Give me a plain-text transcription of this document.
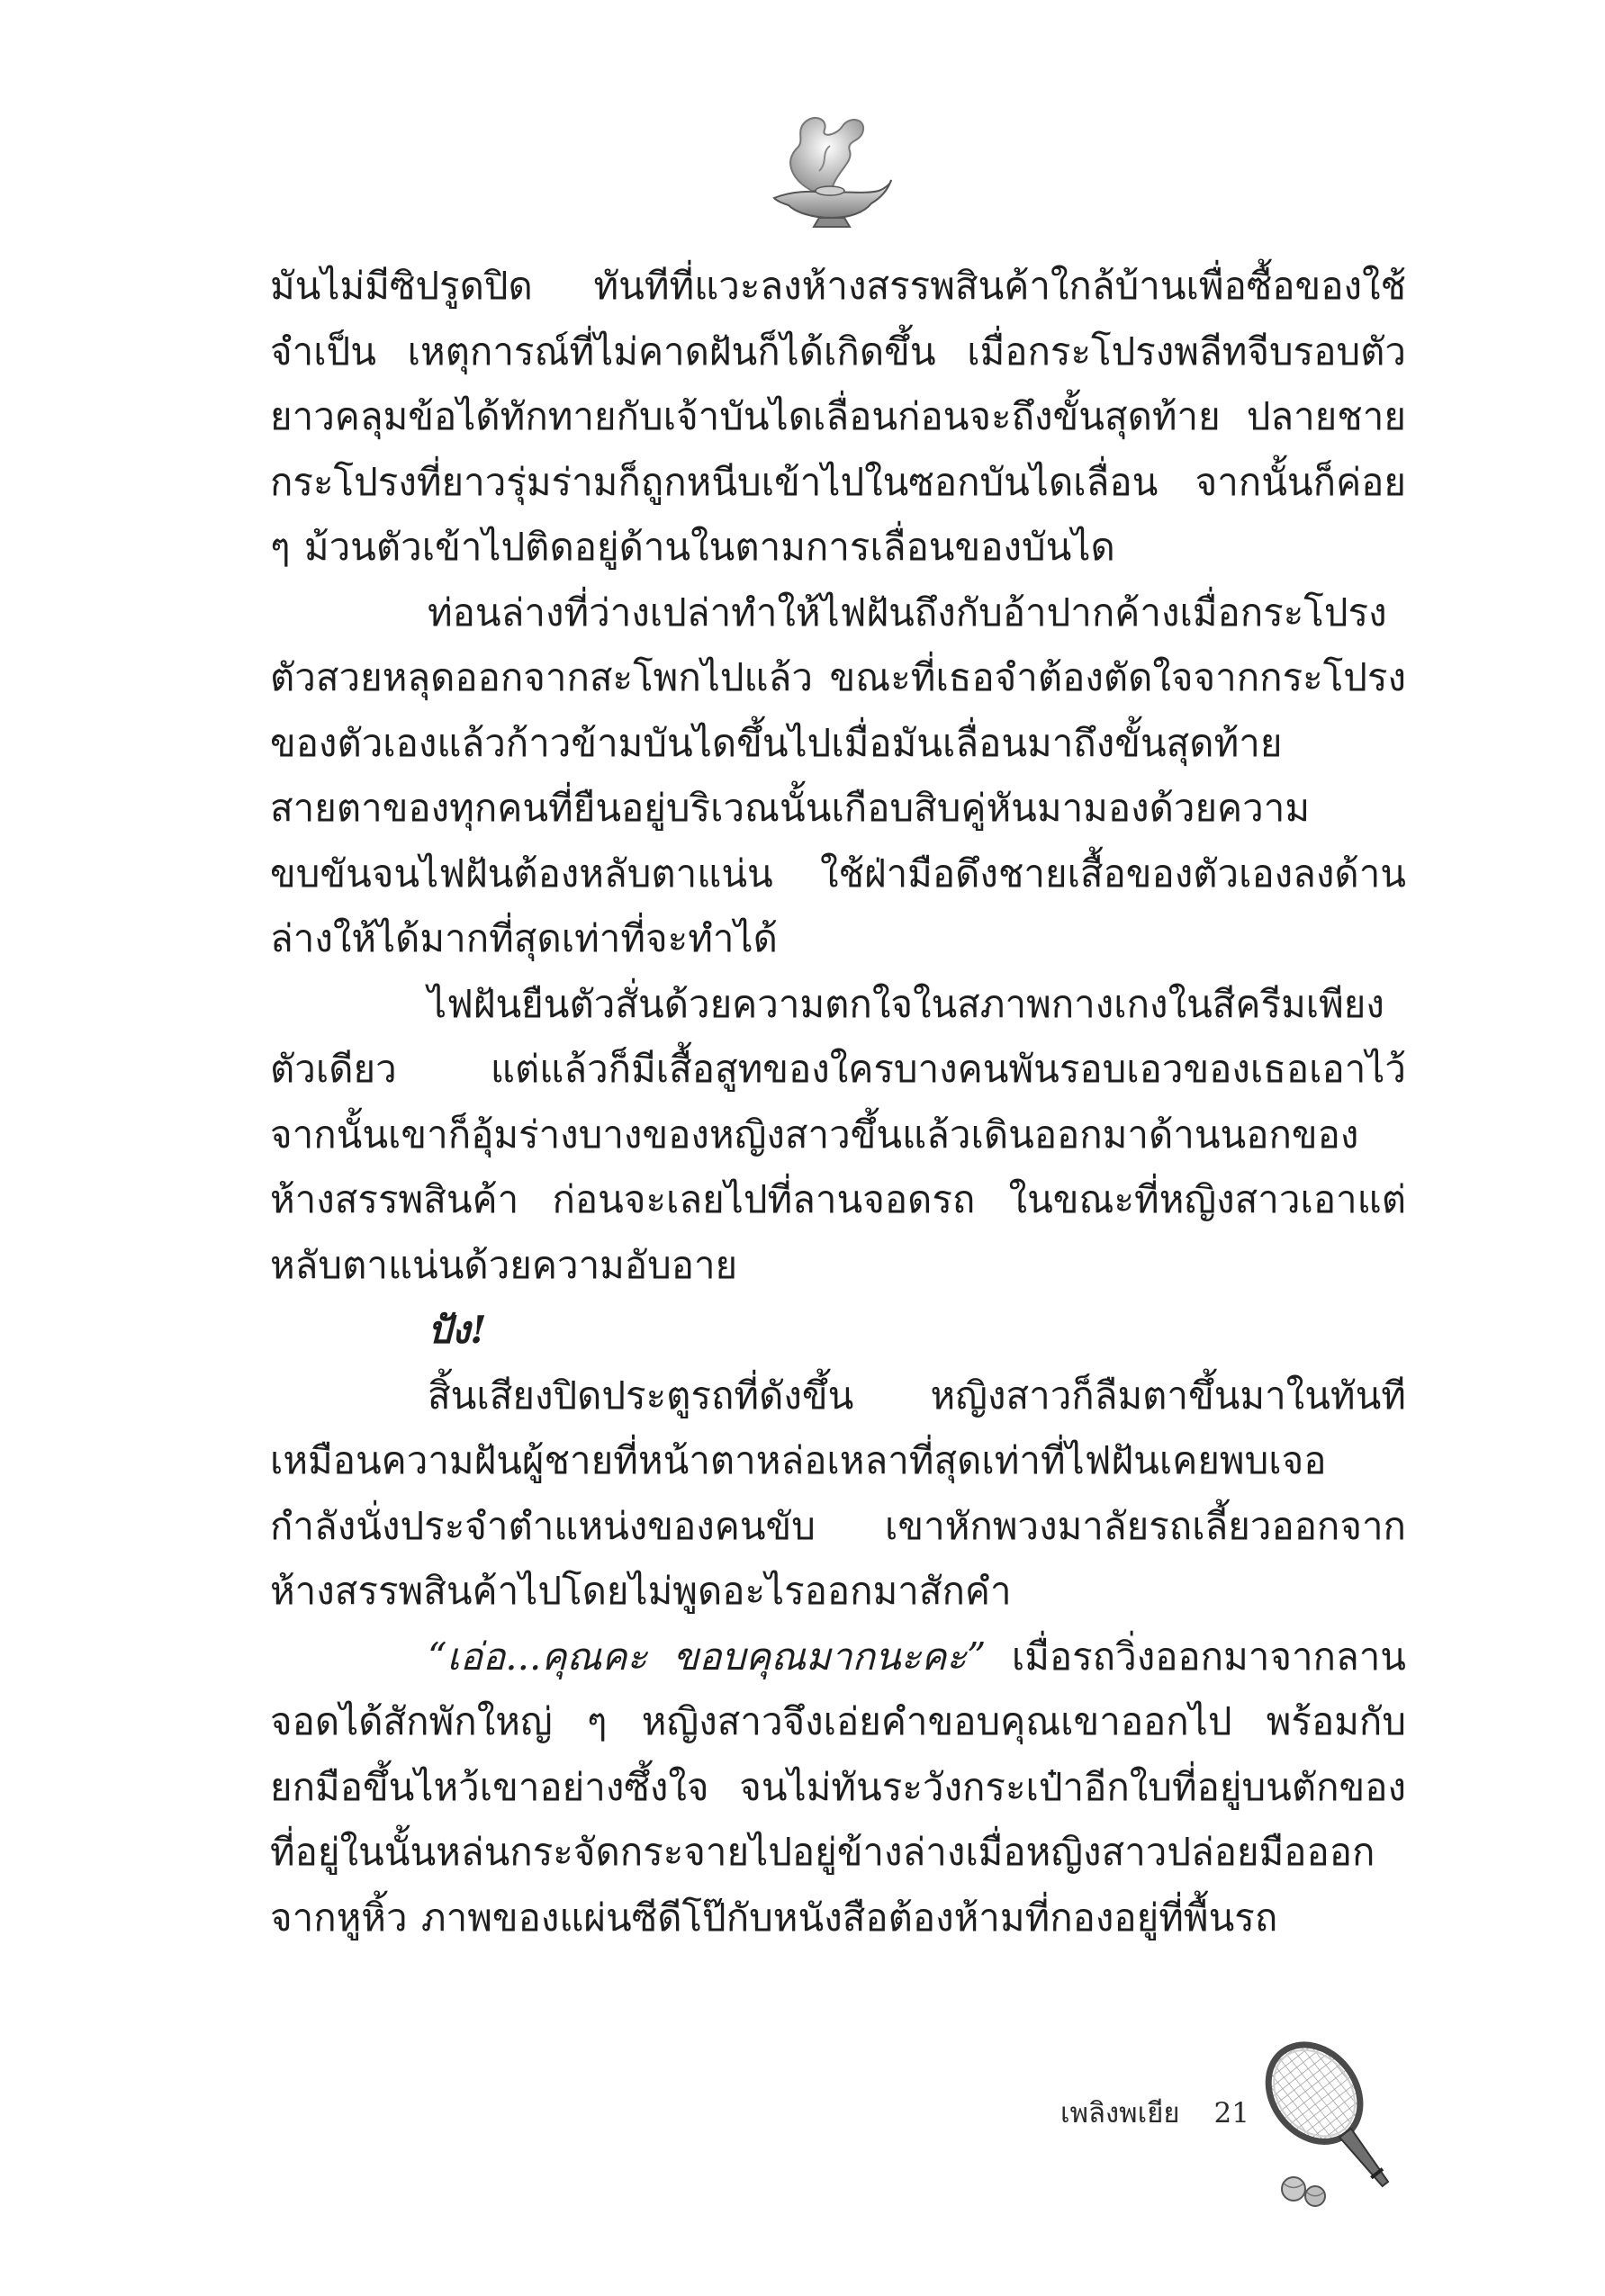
มันไม่มีซิปรูดปิด ทันทีที่แวะลงห้างสรรพสินค้าใกล้บ้านเพื่อซื้อของใช้จำเป็น เหตุการณ์ที่ไม่คาดฝันก็ได้เกิดขึ้น เมื่อกระโปรงพลีทจีบรอบตัวยาวคลุมข้อได้ทักทายกับเจ้าบันไดเลื่อนก่อนจะถึงขั้นสุดท้าย ปลายชายกระโปรงที่ยาวรุ่มร่ามก็ถูกหนีบเข้าไปในซอกบันไดเลื่อน จากนั้นก็ค่อย ๆ ม้วนตัวเข้าไปติดอยู่ด้านในตามการเลื่อนของบันได

ท่อนล่างที่ว่างเปล่าทำให้ไฟฝันถึงกับอ้าปากค้างเมื่อกระโปรงตัวสวยหลุดออกจากสะโพกไปแล้ว ขณะที่เธอจำต้องตัดใจจากกระโปรงของตัวเองแล้วก้าวข้ามบันไดขึ้นไปเมื่อมันเลื่อนมาถึงขั้นสุดท้าย สายตาของทุกคนที่ยืนอยู่บริเวณนั้นเกือบสิบคู่หันมามองด้วยความขบขันจนไฟฝันต้องหลับตาแน่น ใช้ฝ่ามือดึงชายเสื้อของตัวเองลงด้านล่างให้ได้มากที่สุดเท่าที่จะทำได้

ไฟฝันยืนตัวสั่นด้วยความตกใจในสภาพกางเกงในสีครีมเพียงตัวเดียว แต่แล้วก็มีเสื้อสูทของใครบางคนพันรอบเอวของเธอเอาไว้ จากนั้นเขาก็อุ้มร่างบางของหญิงสาวขึ้นแล้วเดินออกมาด้านนอกของห้างสรรพสินค้า ก่อนจะเลยไปที่ลานจอดรถ ในขณะที่หญิงสาวเอาแต่หลับตาแน่นด้วยความอับอาย

ปัง!

สิ้นเสียงปิดประตูรถที่ดังขึ้น หญิงสาวก็ลืมตาขึ้นมาในทันทีเหมือนความฝันผู้ชายที่หน้าตาหล่อเหลาที่สุดเท่าที่ไฟฝันเคยพบเจอกำลังนั่งประจำตำแหน่งของคนขับ เขาหักพวงมาลัยรถเลี้ยวออกจากห้างสรรพสินค้าไปโดยไม่พูดอะไรออกมาสักคำ

“เอ่อ...คุณคะ ขอบคุณมากนะคะ” เมื่อรถวิ่งออกมาจากลานจอดได้สักพักใหญ่ ๆ หญิงสาวจึงเอ่ยคำขอบคุณเขาออกไป พร้อมกับยกมือขึ้นไหว้เขาอย่างซึ้งใจ จนไม่ทันระวังกระเป๋าอีกใบที่อยู่บนตักของที่อยู่ในนั้นหล่นกระจัดกระจายไปอยู่ข้างล่างเมื่อหญิงสาวปล่อยมือออกจากหูหิ้ว ภาพของแผ่นซีดีโป๊กับหนังสือต้องห้ามที่กองอยู่ที่พื้นรถ

เพลิงพเยีย 21
